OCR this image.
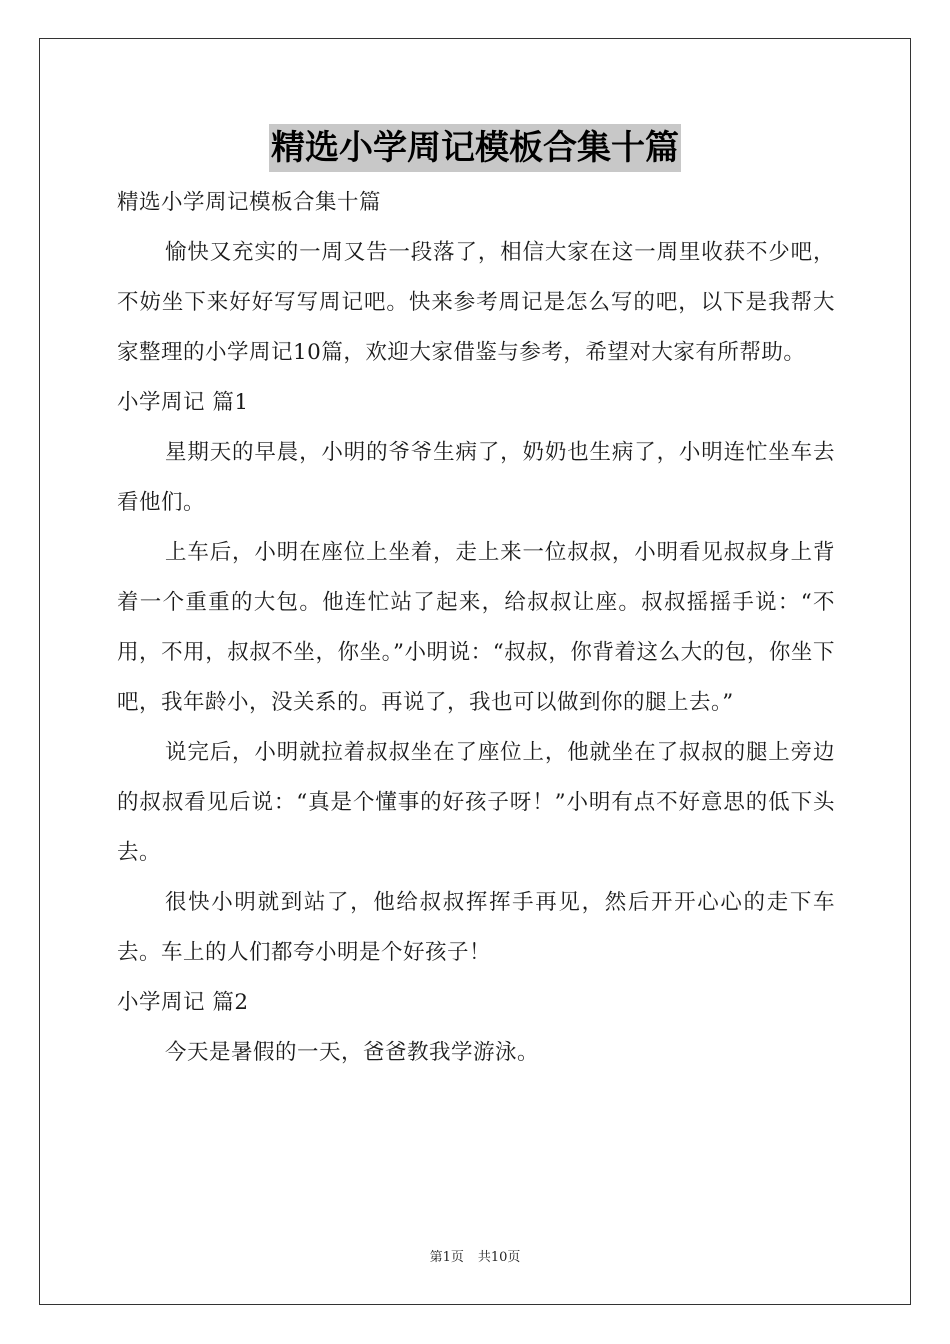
精选小学周记模板合集十篇

精选小学周记模板合集十篇

愉快又充实的一周又告一段落了，相信大家在这一周里收获不少吧，不妨坐下来好好写写周记吧。快来参考周记是怎么写的吧，以下是我帮大家整理的小学周记10篇，欢迎大家借鉴与参考，希望对大家有所帮助。

小学周记 篇1

星期天的早晨，小明的爷爷生病了，奶奶也生病了，小明连忙坐车去看他们。

上车后，小明在座位上坐着，走上来一位叔叔，小明看见叔叔身上背着一个重重的大包。他连忙站了起来，给叔叔让座。叔叔摇摇手说：“不用，不用，叔叔不坐，你坐。”小明说：“叔叔，你背着这么大的包，你坐下吧，我年龄小，没关系的。再说了，我也可以做到你的腿上去。”

说完后，小明就拉着叔叔坐在了座位上，他就坐在了叔叔的腿上旁边的叔叔看见后说：“真是个懂事的好孩子呀！”小明有点不好意思的低下头去。

很快小明就到站了，他给叔叔挥挥手再见，然后开开心心的走下车去。车上的人们都夸小明是个好孩子！

小学周记 篇2

今天是暑假的一天，爸爸教我学游泳。

第1页 共10页
